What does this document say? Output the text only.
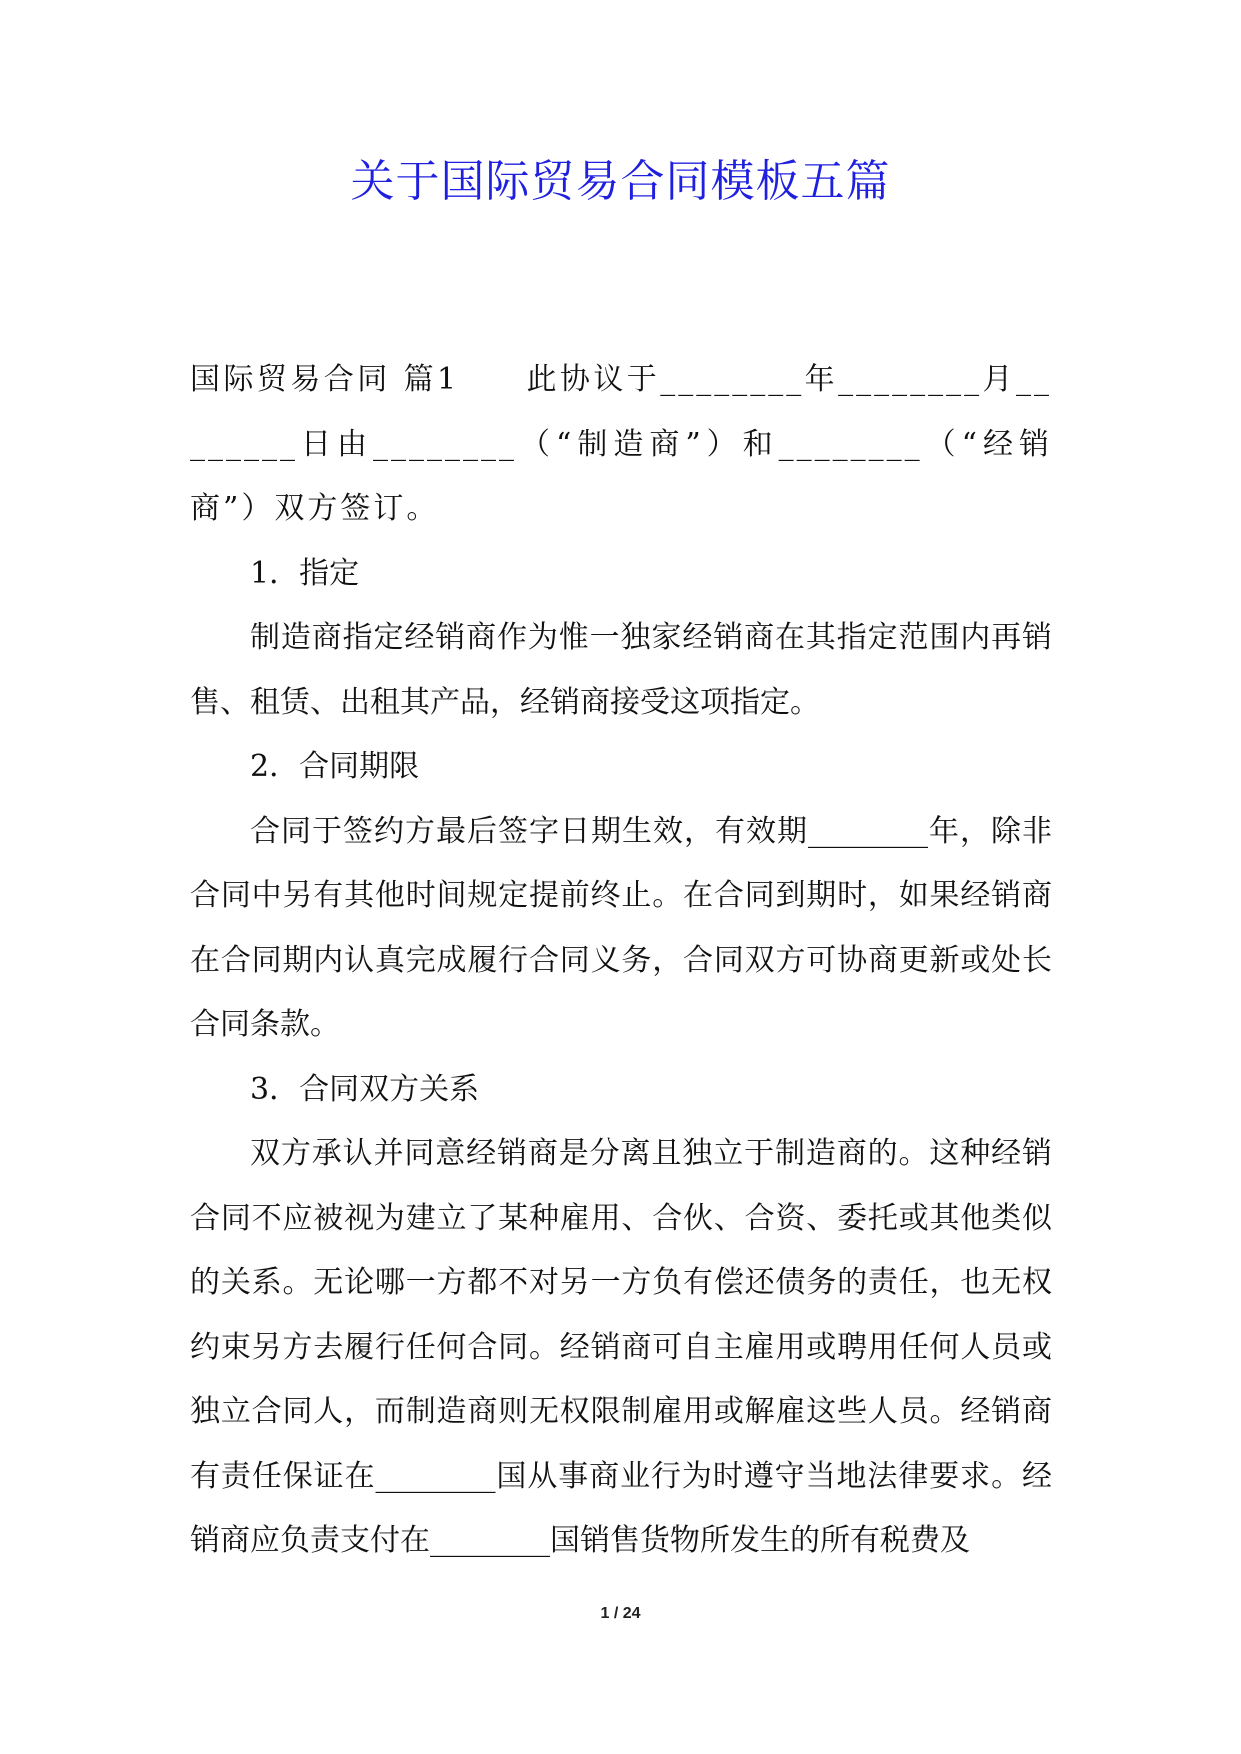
关于国际贸易合同模板五篇

国际贸易合同 篇1　　此协议于________年________月________日由________（“制造商”）和________（“经销商”）双方签订。

1．指定

制造商指定经销商作为惟一独家经销商在其指定范围内再销售、租赁、出租其产品，经销商接受这项指定。

2．合同期限

合同于签约方最后签字日期生效，有效期________年，除非合同中另有其他时间规定提前终止。在合同到期时，如果经销商在合同期内认真完成履行合同义务，合同双方可协商更新或处长合同条款。

3．合同双方关系

双方承认并同意经销商是分离且独立于制造商的。这种经销合同不应被视为建立了某种雇用、合伙、合资、委托或其他类似的关系。无论哪一方都不对另一方负有偿还债务的责任，也无权约束另方去履行任何合同。经销商可自主雇用或聘用任何人员或独立合同人，而制造商则无权限制雇用或解雇这些人员。经销商有责任保证在________国从事商业行为时遵守当地法律要求。经销商应负责支付在________国销售货物所发生的所有税费及

1 / 24
